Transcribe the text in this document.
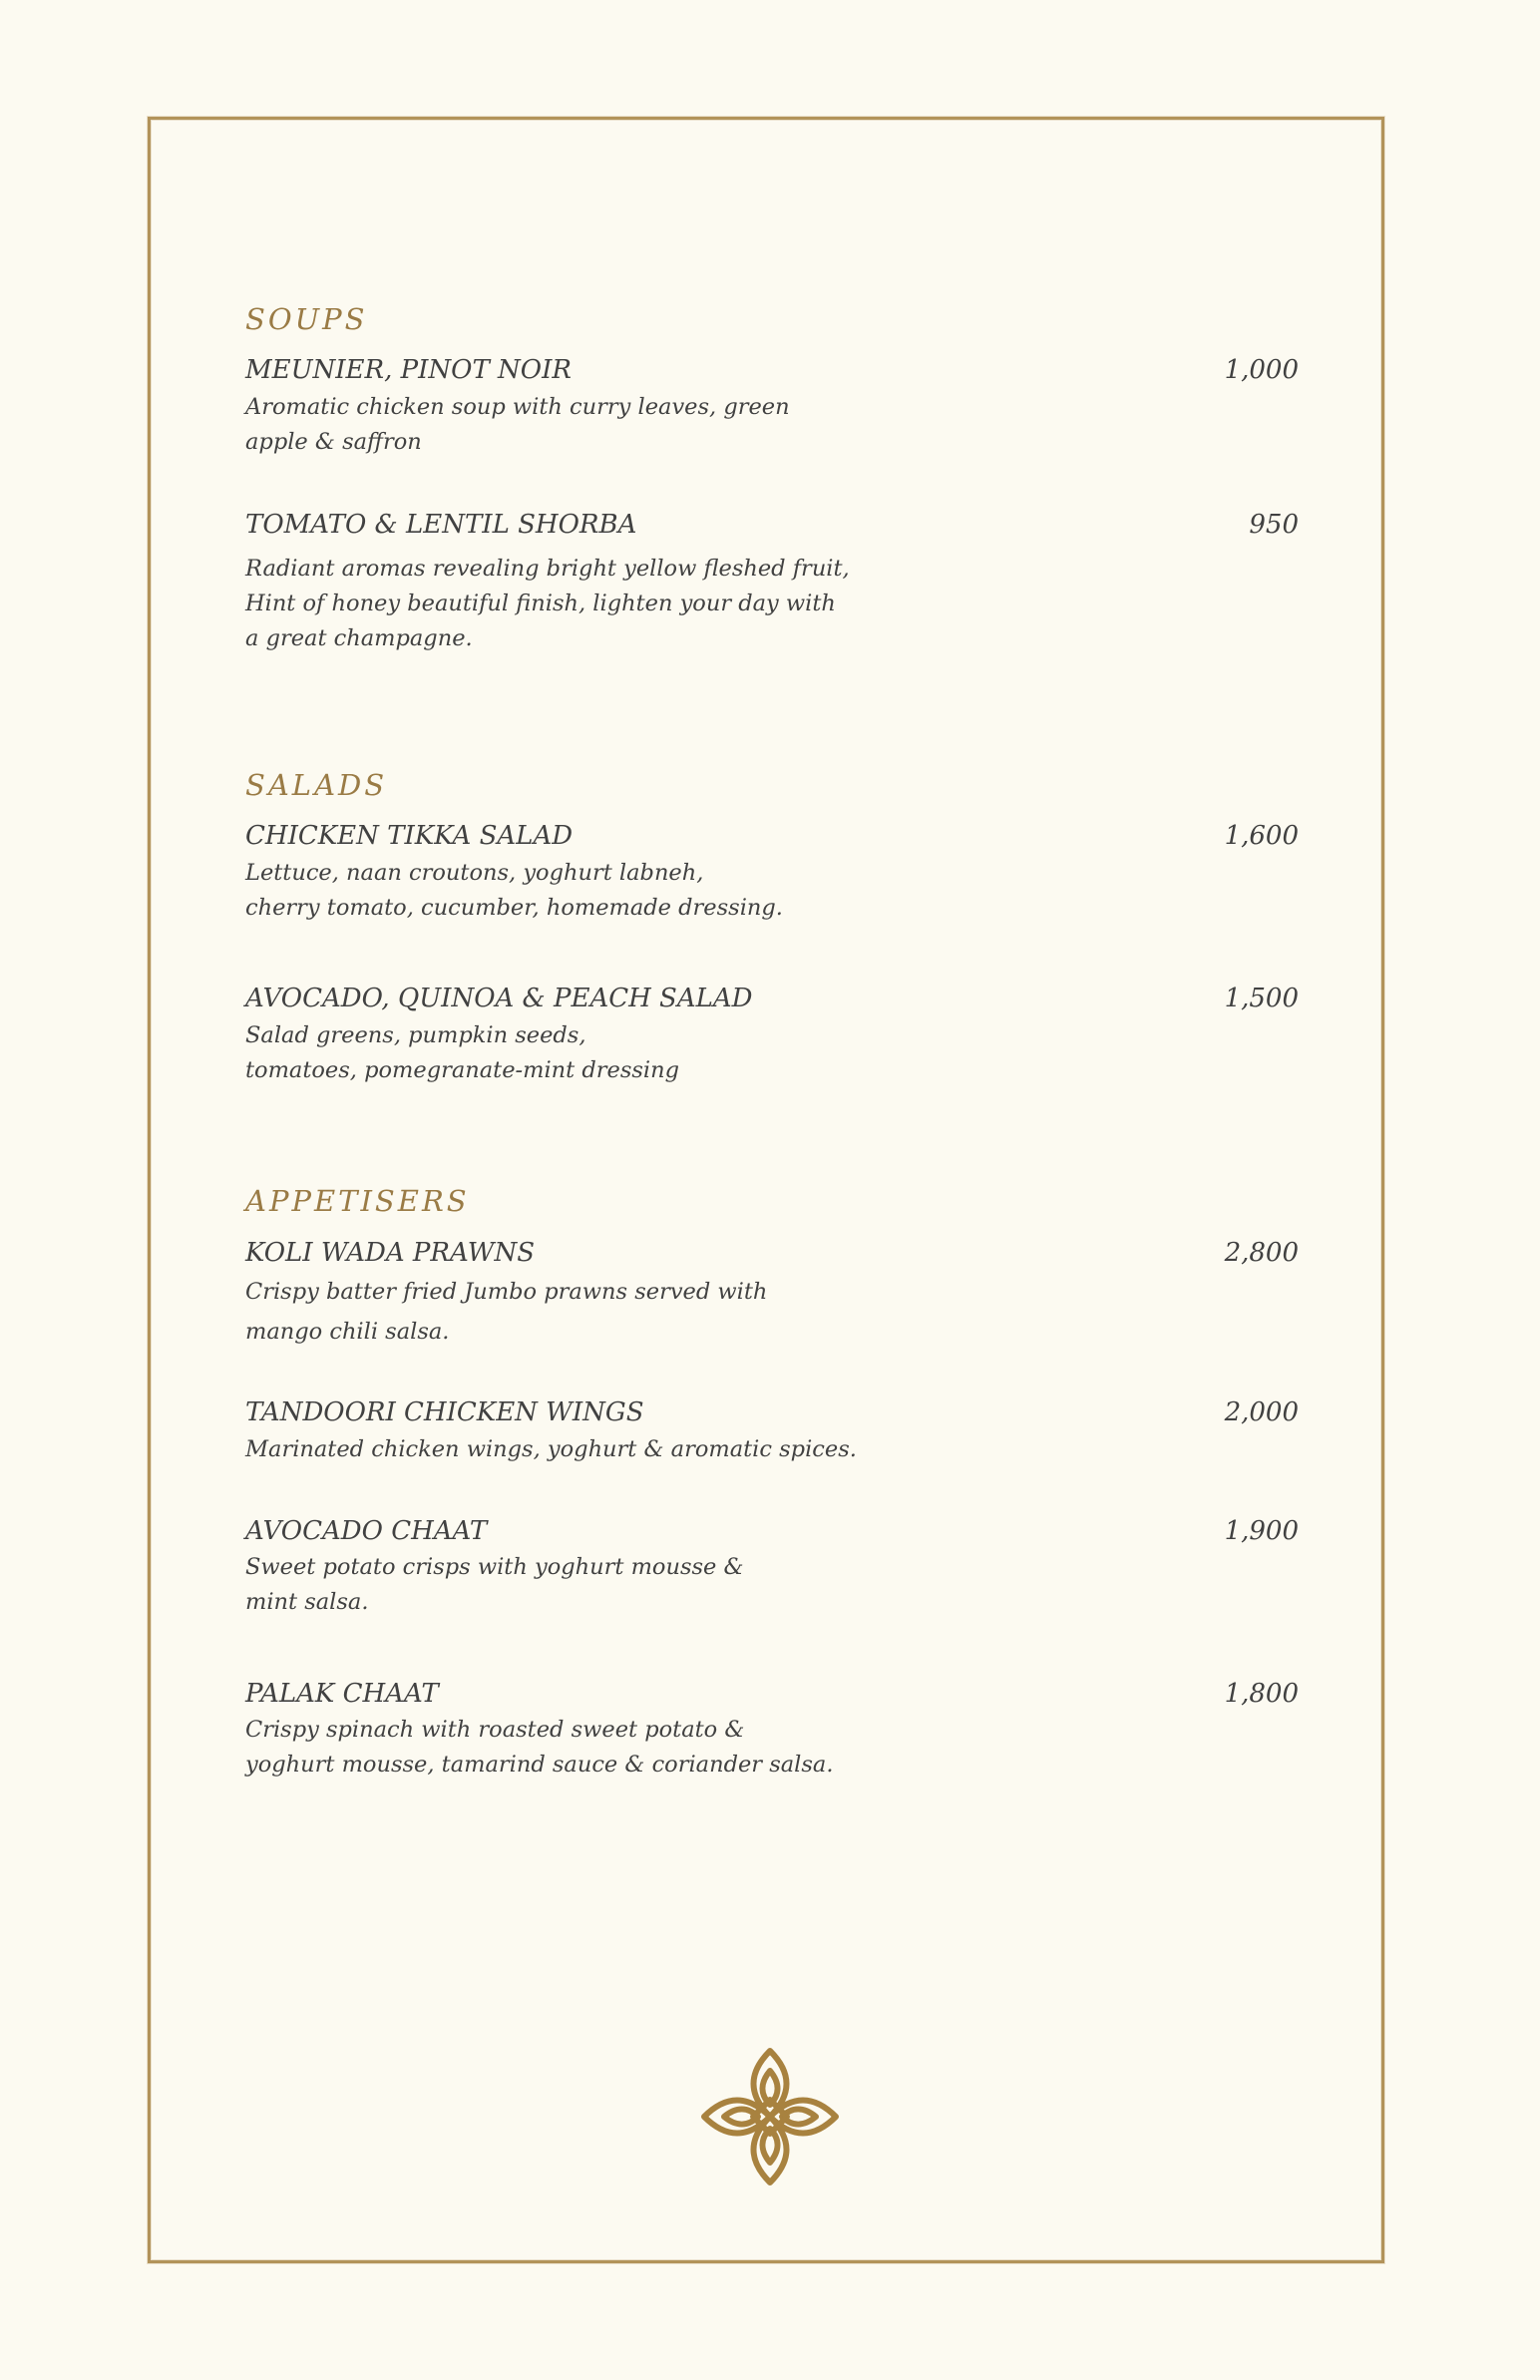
SOUPS
MEUNIER, PINOT NOIR	1,000
Aromatic chicken soup with curry leaves, green
apple & saffron
TOMATO & LENTIL SHORBA	950
Radiant aromas revealing bright yellow fleshed fruit,
Hint of honey beautiful finish, lighten your day with
a great champagne.
SALADS
CHICKEN TIKKA SALAD	1,600
Lettuce, naan croutons, yoghurt labneh,
cherry tomato, cucumber, homemade dressing.
AVOCADO, QUINOA & PEACH SALAD	1,500
Salad greens, pumpkin seeds,
tomatoes, pomegranate-mint dressing
APPETISERS
KOLI WADA PRAWNS	2,800
Crispy batter fried Jumbo prawns served with
mango chili salsa.
TANDOORI CHICKEN WINGS	2,000
Marinated chicken wings, yoghurt & aromatic spices.
AVOCADO CHAAT	1,900
Sweet potato crisps with yoghurt mousse &
mint salsa.
PALAK CHAAT	1,800
Crispy spinach with roasted sweet potato &
yoghurt mousse, tamarind sauce & coriander salsa.
